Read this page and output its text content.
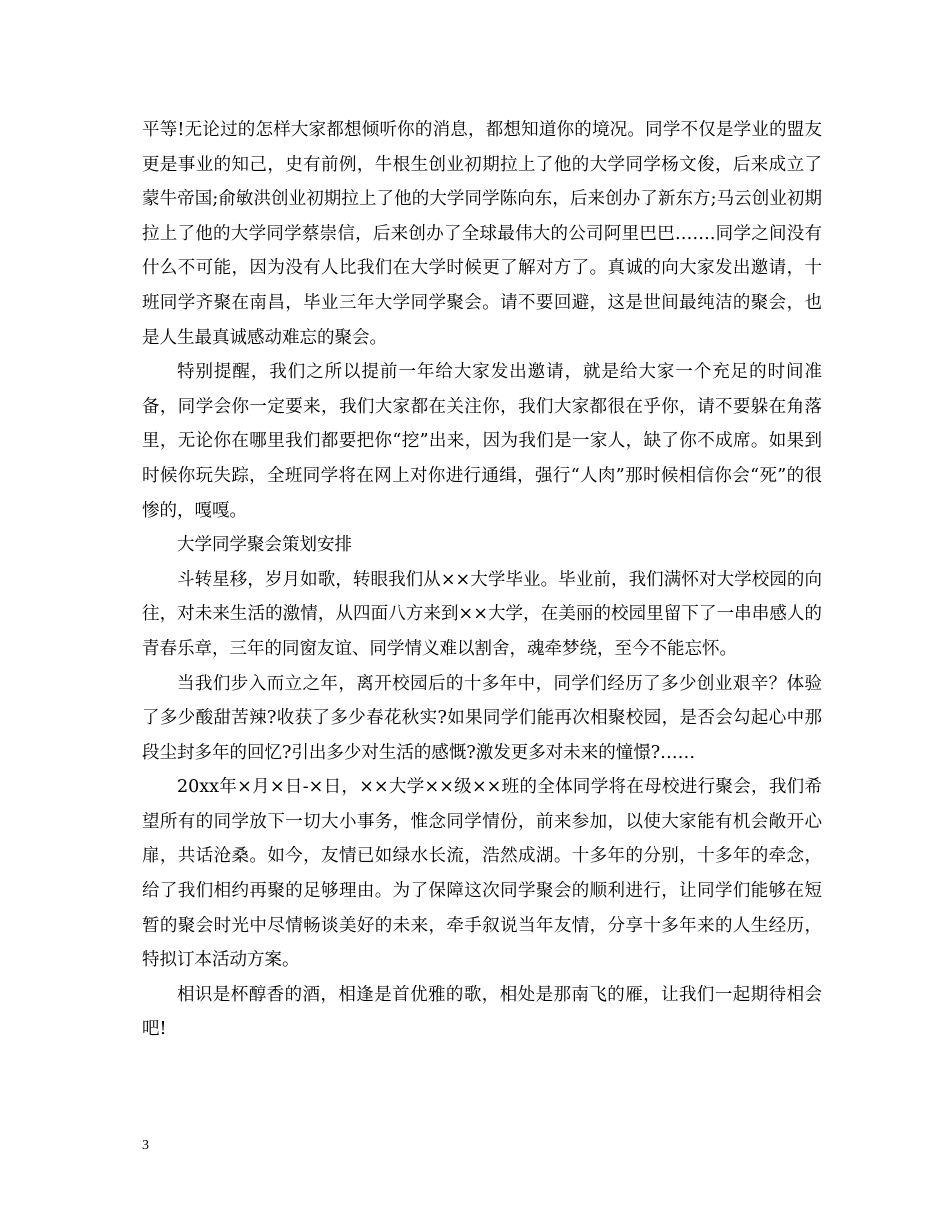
平等!无论过的怎样大家都想倾听你的消息，都想知道你的境况。同学不仅是学业的盟友更是事业的知己，史有前例，牛根生创业初期拉上了他的大学同学杨文俊，后来成立了蒙牛帝国;俞敏洪创业初期拉上了他的大学同学陈向东，后来创办了新东方;马云创业初期拉上了他的大学同学蔡崇信，后来创办了全球最伟大的公司阿里巴巴…….同学之间没有什么不可能，因为没有人比我们在大学时候更了解对方了。真诚的向大家发出邀请，十班同学齐聚在南昌，毕业三年大学同学聚会。请不要回避，这是世间最纯洁的聚会，也是人生最真诚感动难忘的聚会。

特别提醒，我们之所以提前一年给大家发出邀请，就是给大家一个充足的时间准备，同学会你一定要来，我们大家都在关注你，我们大家都很在乎你，请不要躲在角落里，无论你在哪里我们都要把你“挖”出来，因为我们是一家人，缺了你不成席。如果到时候你玩失踪，全班同学将在网上对你进行通缉，强行“人肉”那时候相信你会“死”的很惨的，嘎嘎。

大学同学聚会策划安排

斗转星移，岁月如歌，转眼我们从××大学毕业。毕业前，我们满怀对大学校园的向往，对未来生活的激情，从四面八方来到××大学，在美丽的校园里留下了一串串感人的青春乐章，三年的同窗友谊、同学情义难以割舍，魂牵梦绕，至今不能忘怀。

当我们步入而立之年，离开校园后的十多年中，同学们经历了多少创业艰辛？体验了多少酸甜苦辣?收获了多少春花秋实?如果同学们能再次相聚校园，是否会勾起心中那段尘封多年的回忆?引出多少对生活的感慨?激发更多对未来的憧憬?……

20xx年×月×日-×日，××大学××级××班的全体同学将在母校进行聚会，我们希望所有的同学放下一切大小事务，惟念同学情份，前来参加，以使大家能有机会敞开心扉，共话沧桑。如今，友情已如绿水长流，浩然成湖。十多年的分别，十多年的牵念，给了我们相约再聚的足够理由。为了保障这次同学聚会的顺利进行，让同学们能够在短暂的聚会时光中尽情畅谈美好的未来，牵手叙说当年友情，分享十多年来的人生经历，特拟订本活动方案。

相识是杯醇香的酒，相逢是首优雅的歌，相处是那南飞的雁，让我们一起期待相会吧!

3
